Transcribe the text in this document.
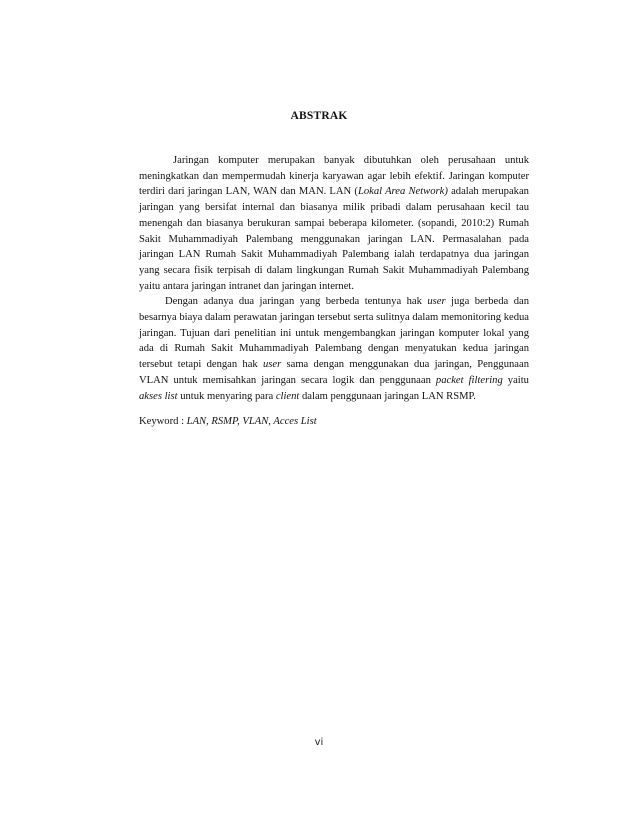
ABSTRAK

Jaringan komputer merupakan banyak dibutuhkan oleh perusahaan untuk meningkatkan dan mempermudah kinerja karyawan agar lebih efektif. Jaringan komputer terdiri dari jaringan LAN, WAN dan MAN. LAN (Lokal Area Network) adalah merupakan jaringan yang bersifat internal dan biasanya milik pribadi dalam perusahaan kecil tau menengah dan biasanya berukuran sampai beberapa kilometer. (sopandi, 2010:2) Rumah Sakit Muhammadiyah Palembang menggunakan jaringan LAN. Permasalahan pada jaringan LAN Rumah Sakit Muhammadiyah Palembang ialah terdapatnya dua jaringan yang secara fisik terpisah di dalam lingkungan Rumah Sakit Muhammadiyah Palembang yaitu antara jaringan intranet dan jaringan internet.

Dengan adanya dua jaringan yang berbeda tentunya hak user juga berbeda dan besarnya biaya dalam perawatan jaringan tersebut serta sulitnya dalam memonitoring kedua jaringan. Tujuan dari penelitian ini untuk mengembangkan jaringan komputer lokal yang ada di Rumah Sakit Muhammadiyah Palembang dengan menyatukan kedua jaringan tersebut tetapi dengan hak user sama dengan menggunakan dua jaringan, Penggunaan VLAN untuk memisahkan jaringan secara logik dan penggunaan packet filtering yaitu akses list untuk menyaring para client dalam penggunaan jaringan LAN RSMP.

Keyword : LAN, RSMP, VLAN, Acces List
vi
